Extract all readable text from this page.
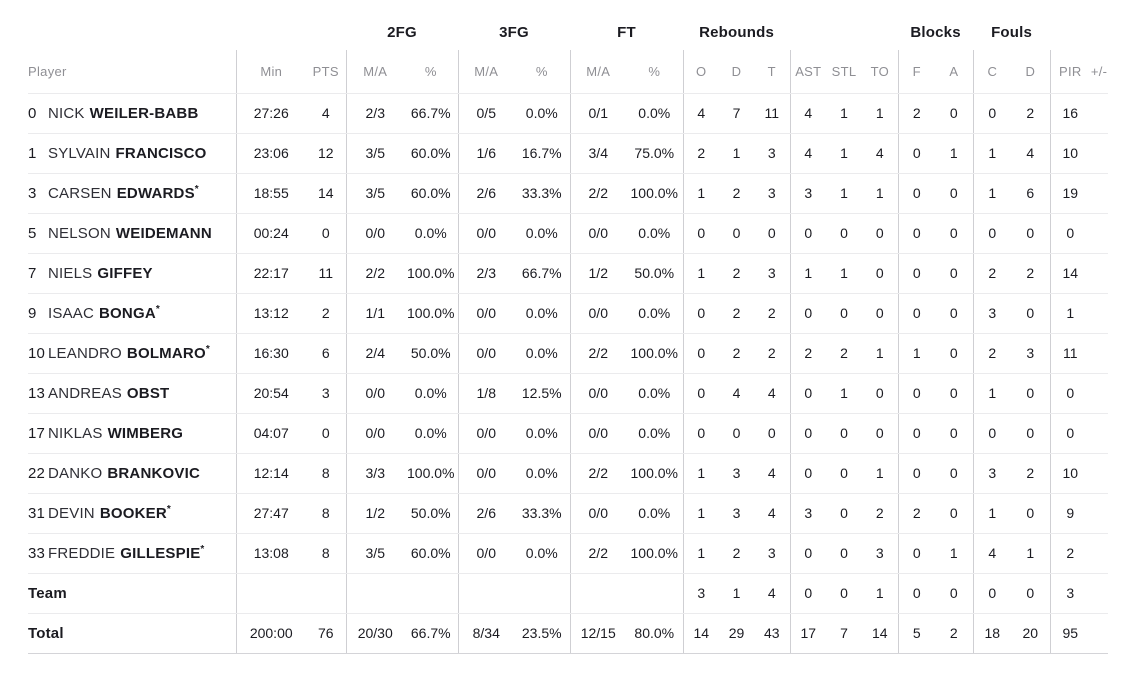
			2FG		3FG		FT		Rebounds						Blocks		Fouls			
Player	Min	PTS	M/A	%	M/A	%	M/A	%	O	D	T	AST	STL	TO	F	A	C	D	PIR	+/-
0 NICK WEILER-BABB	27:26	4	2/3	66.7%	0/5	0.0%	0/1	0.0%	4	7	11	4	1	1	2	0	0	2	16	
1 SYLVAIN FRANCISCO	23:06	12	3/5	60.0%	1/6	16.7%	3/4	75.0%	2	1	3	4	1	4	0	1	1	4	10	
3 CARSEN EDWARDS*	18:55	14	3/5	60.0%	2/6	33.3%	2/2	100.0%	1	2	3	3	1	1	0	0	1	6	19	
5 NELSON WEIDEMANN	00:24	0	0/0	0.0%	0/0	0.0%	0/0	0.0%	0	0	0	0	0	0	0	0	0	0	0	
7 NIELS GIFFEY	22:17	11	2/2	100.0%	2/3	66.7%	1/2	50.0%	1	2	3	1	1	0	0	0	2	2	14	
9 ISAAC BONGA*	13:12	2	1/1	100.0%	0/0	0.0%	0/0	0.0%	0	2	2	0	0	0	0	0	3	0	1	
10 LEANDRO BOLMARO*	16:30	6	2/4	50.0%	0/0	0.0%	2/2	100.0%	0	2	2	2	2	1	1	0	2	3	11	
13 ANDREAS OBST	20:54	3	0/0	0.0%	1/8	12.5%	0/0	0.0%	0	4	4	0	1	0	0	0	1	0	0	
17 NIKLAS WIMBERG	04:07	0	0/0	0.0%	0/0	0.0%	0/0	0.0%	0	0	0	0	0	0	0	0	0	0	0	
22 DANKO BRANKOVIC	12:14	8	3/3	100.0%	0/0	0.0%	2/2	100.0%	1	3	4	0	0	1	0	0	3	2	10	
31 DEVIN BOOKER*	27:47	8	1/2	50.0%	2/6	33.3%	0/0	0.0%	1	3	4	3	0	2	2	0	1	0	9	
33 FREDDIE GILLESPIE*	13:08	8	3/5	60.0%	0/0	0.0%	2/2	100.0%	1	2	3	0	0	3	0	1	4	1	2	
Team									3	1	4	0	0	1	0	0	0	0	3	
Total	200:00	76	20/30	66.7%	8/34	23.5%	12/15	80.0%	14	29	43	17	7	14	5	2	18	20	95	
